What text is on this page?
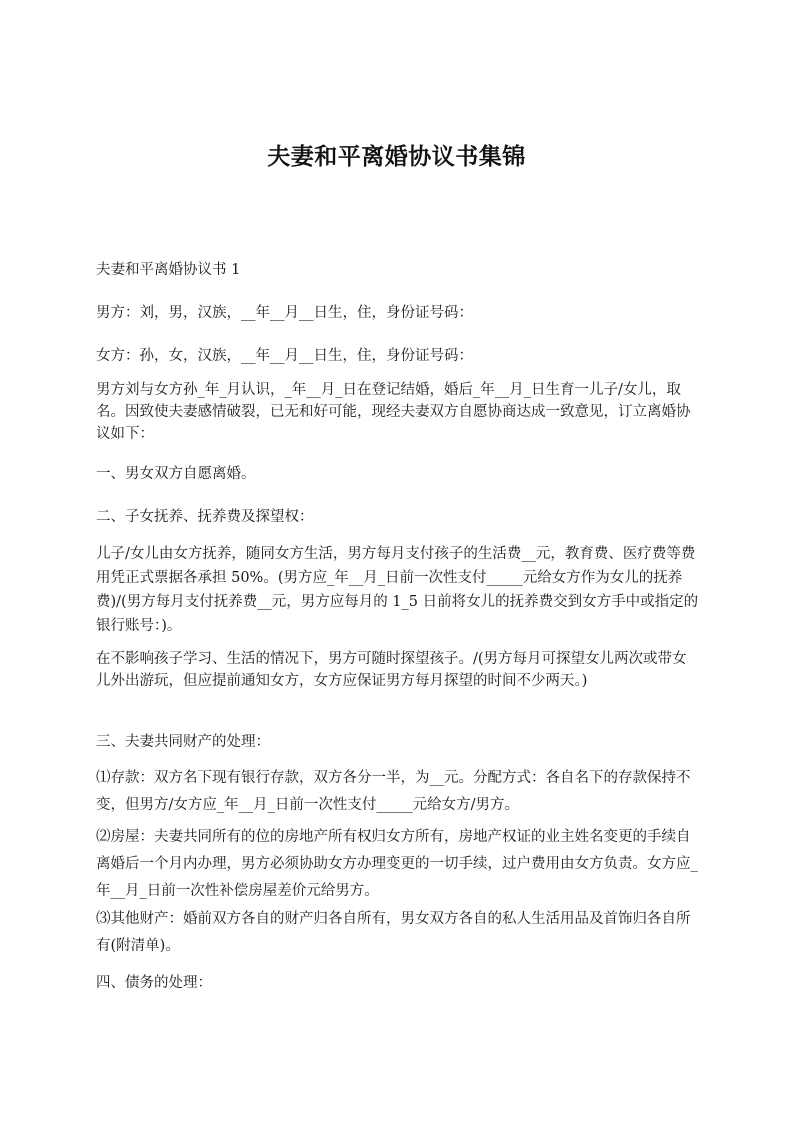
夫妻和平离婚协议书集锦
夫妻和平离婚协议书 1
男方：刘，男，汉族，__年__月__日生，住，身份证号码：
女方：孙，女，汉族，__年__月__日生，住，身份证号码：
男方刘与女方孙_年_月认识，_年__月_日在登记结婚，婚后_年__月_日生育一儿子/女儿，取名。因致使夫妻感情破裂，已无和好可能，现经夫妻双方自愿协商达成一致意见，订立离婚协议如下：
一、男女双方自愿离婚。
二、子女抚养、抚养费及探望权：
儿子/女儿由女方抚养，随同女方生活，男方每月支付孩子的生活费__元，教育费、医疗费等费用凭正式票据各承担 50%。(男方应_年__月_日前一次性支付_____元给女方作为女儿的抚养费)/(男方每月支付抚养费__元，男方应每月的 1_5 日前将女儿的抚养费交到女方手中或指定的银行账号：)。
在不影响孩子学习、生活的情况下，男方可随时探望孩子。/(男方每月可探望女儿两次或带女儿外出游玩，但应提前通知女方，女方应保证男方每月探望的时间不少两天。)
三、夫妻共同财产的处理：
⑴存款：双方名下现有银行存款，双方各分一半，为__元。分配方式：各自名下的存款保持不变，但男方/女方应_年__月_日前一次性支付_____元给女方/男方。
⑵房屋：夫妻共同所有的位的房地产所有权归女方所有，房地产权证的业主姓名变更的手续自离婚后一个月内办理，男方必须协助女方办理变更的一切手续，过户费用由女方负责。女方应_年__月_日前一次性补偿房屋差价元给男方。
⑶其他财产：婚前双方各自的财产归各自所有，男女双方各自的私人生活用品及首饰归各自所有(附清单)。
四、债务的处理：
